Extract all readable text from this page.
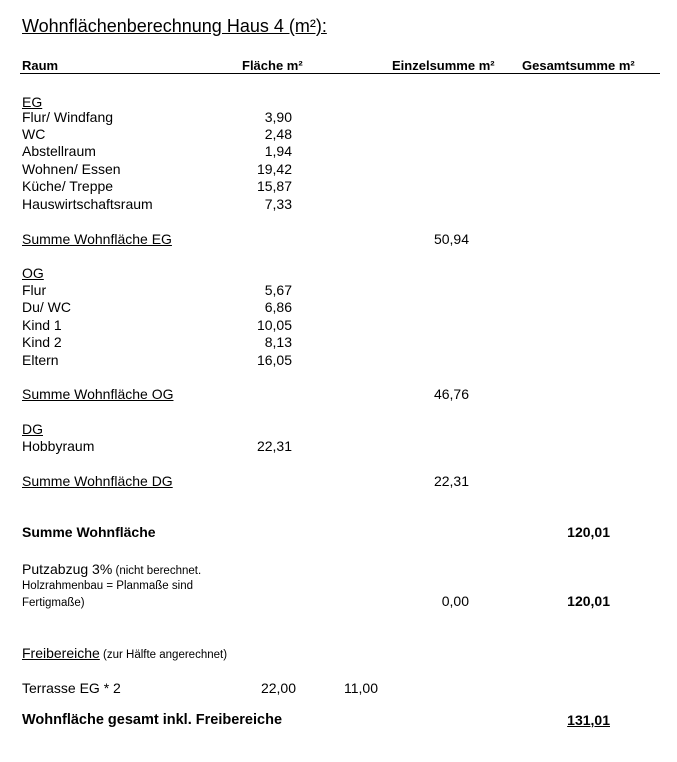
Wohnflächenberechnung Haus 4 (m²):
Raum	Fläche m²	Einzelsumme m² Gesamtsumme m²
EG
Flur/ Windfang	3,90
WC	2,48
Abstellraum	1,94
Wohnen/ Essen	19,42
Küche/ Treppe	15,87
Hauswirtschaftsraum	7,33
Summe Wohnfläche EG	50,94
OG
Flur	5,67
Du/ WC	6,86
Kind 1	10,05
Kind 2	8,13
Eltern	16,05
Summe Wohnfläche OG	46,76
DG
Hobbyraum	22,31
Summe Wohnfläche DG	22,31
Summe Wohnfläche	120,01
Putzabzug 3% (nicht berechnet.
Holzrahmenbau = Planmaße sind
Fertigmaße)	0,00	120,01
Freibereiche (zur Hälfte angerechnet)
Terrasse EG * 2	22,00	11,00
Wohnfläche gesamt inkl. Freibereiche	131,01
